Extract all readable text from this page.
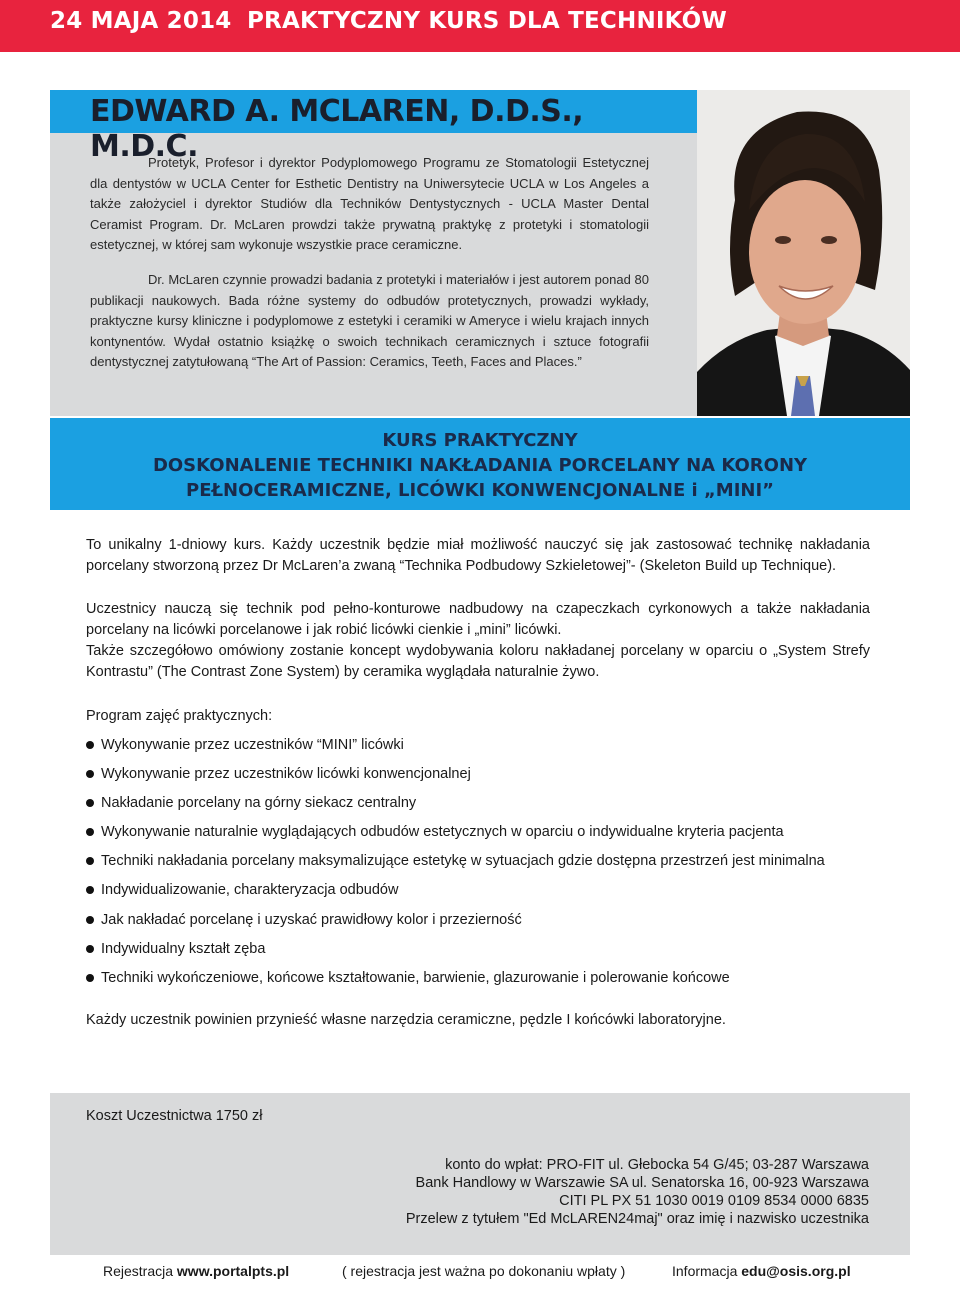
24 MAJA 2014 PRAKTYCZNY KURS DLA TECHNIKÓW DENTYSTYCZNYCH
EDWARD A. MCLAREN, D.D.S., M.D.C.

Protetyk, Profesor i dyrektor Podyplomowego Programu ze Stomatologii Estetycznej dla dentystów w UCLA Center for Esthetic Dentistry na Uniwersytecie UCLA w Los Angeles a także założyciel i dyrektor Studiów dla Techników Dentystycznych - UCLA Master Dental Ceramist Program. Dr. McLaren prowdzi także prywatną praktykę z protetyki i stomatologii estetycznej, w której sam wykonuje wszystkie prace ceramiczne.

Dr. McLaren czynnie prowadzi badania z protetyki i materiałów i jest autorem ponad 80 publikacji naukowych. Bada różne systemy do odbudów protetycznych, prowadzi wykłady, praktyczne kursy kliniczne i podyplomowe z estetyki i ceramiki w Ameryce i wielu krajach innych kontynentów. Wydał ostatnio książkę o swoich technikach ceramicznych i sztuce fotografii dentystycznej zatytułowaną “The Art of Passion: Ceramics, Teeth, Faces and Places.”

KURS PRAKTYCZNY
DOSKONALENIE TECHNIKI NAKŁADANIA PORCELANY NA KORONY
PEŁNOCERAMICZNE, LICÓWKI KONWENCJONALNE i „MINI”

To unikalny 1-dniowy kurs. Każdy uczestnik będzie miał możliwość nauczyć się jak zastosować technikę nakładania porcelany stworzoną przez Dr McLaren’a zwaną “Technika Podbudowy Szkieletowej”- (Skeleton Build up Technique).

Uczestnicy nauczą się technik pod pełno-konturowe nadbudowy na czapeczkach cyrkonowych a także nakładania porcelany na licówki porcelanowe i jak robić licówki cienkie i „mini” licówki.

Także szczegółowo omówiony zostanie koncept wydobywania koloru nakładanej porcelany w oparciu o „System Strefy Kontrastu” (The Contrast Zone System) by ceramika wyglądała naturalnie żywo.

Program zajęć praktycznych:

Wykonywanie przez uczestników “MINI” licówki
Wykonywanie przez uczestników licówki konwencjonalnej
Nakładanie porcelany na górny siekacz centralny
Wykonywanie naturalnie wyglądających odbudów estetycznych w oparciu o indywidualne kryteria pacjenta
Techniki nakładania porcelany maksymalizujące estetykę w sytuacjach gdzie dostępna przestrzeń jest minimalna
Indywidualizowanie, charakteryzacja odbudów
Jak nakładać porcelanę i uzyskać prawidłowy kolor i przezierność
Indywidualny kształt zęba
Techniki wykończeniowe, końcowe kształtowanie, barwienie, glazurowanie i polerowanie końcowe

Każdy uczestnik powinien przynieść własne narzędzia ceramiczne, pędzle I końcówki laboratoryjne.

Koszt Uczestnictwa 1750 zł
konto do wpłat: PRO-FIT ul. Głebocka 54 G/45; 03-287 Warszawa
Bank Handlowy w Warszawie SA ul. Senatorska 16, 00-923 Warszawa
CITI PL PX 51 1030 0019 0109 8534 0000 6835
Przelew z tytułem "Ed McLAREN24maj" oraz imię i nazwisko uczestnika
Rejestracja www.portalpts.pl	( rejestracja jest ważna po dokonaniu wpłaty )	Informacja edu@osis.org.pl
